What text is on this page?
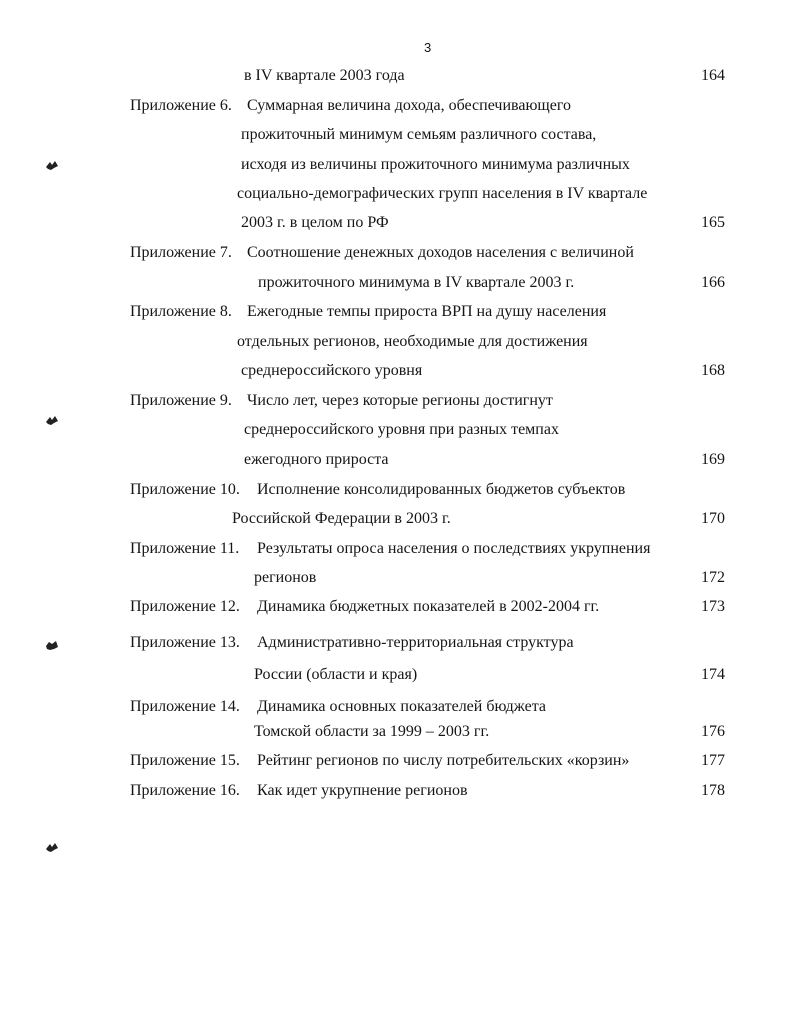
3
в IV квартале 2003 года	164
Приложение 6. Суммарная величина дохода, обеспечивающего
прожиточный минимум семьям различного состава,
исходя из величины прожиточного минимума различных
социально-демографических групп населения в IV квартале
2003 г. в целом по РФ	165
Приложение 7. Соотношение денежных доходов населения с величиной
прожиточного минимума в IV квартале 2003 г.	166
Приложение 8. Ежегодные темпы прироста ВРП на душу населения
отдельных регионов, необходимые для достижения
среднероссийского уровня	168
Приложение 9. Число лет, через которые регионы достигнут
среднероссийского уровня при разных темпах
ежегодного прироста	169
Приложение 10. Исполнение консолидированных бюджетов субъектов
Российской Федерации в 2003 г.	170
Приложение 11. Результаты опроса населения о последствиях укрупнения
регионов	172
Приложение 12. Динамика бюджетных показателей в 2002-2004 гг.	173
Приложение 13. Административно-территориальная структура
России (области и края)	174
Приложение 14. Динамика основных показателей бюджета
Томской области за 1999 – 2003 гг.	176
Приложение 15. Рейтинг регионов по числу потребительских «корзин»	177
Приложение 16. Как идет укрупнение регионов	178
